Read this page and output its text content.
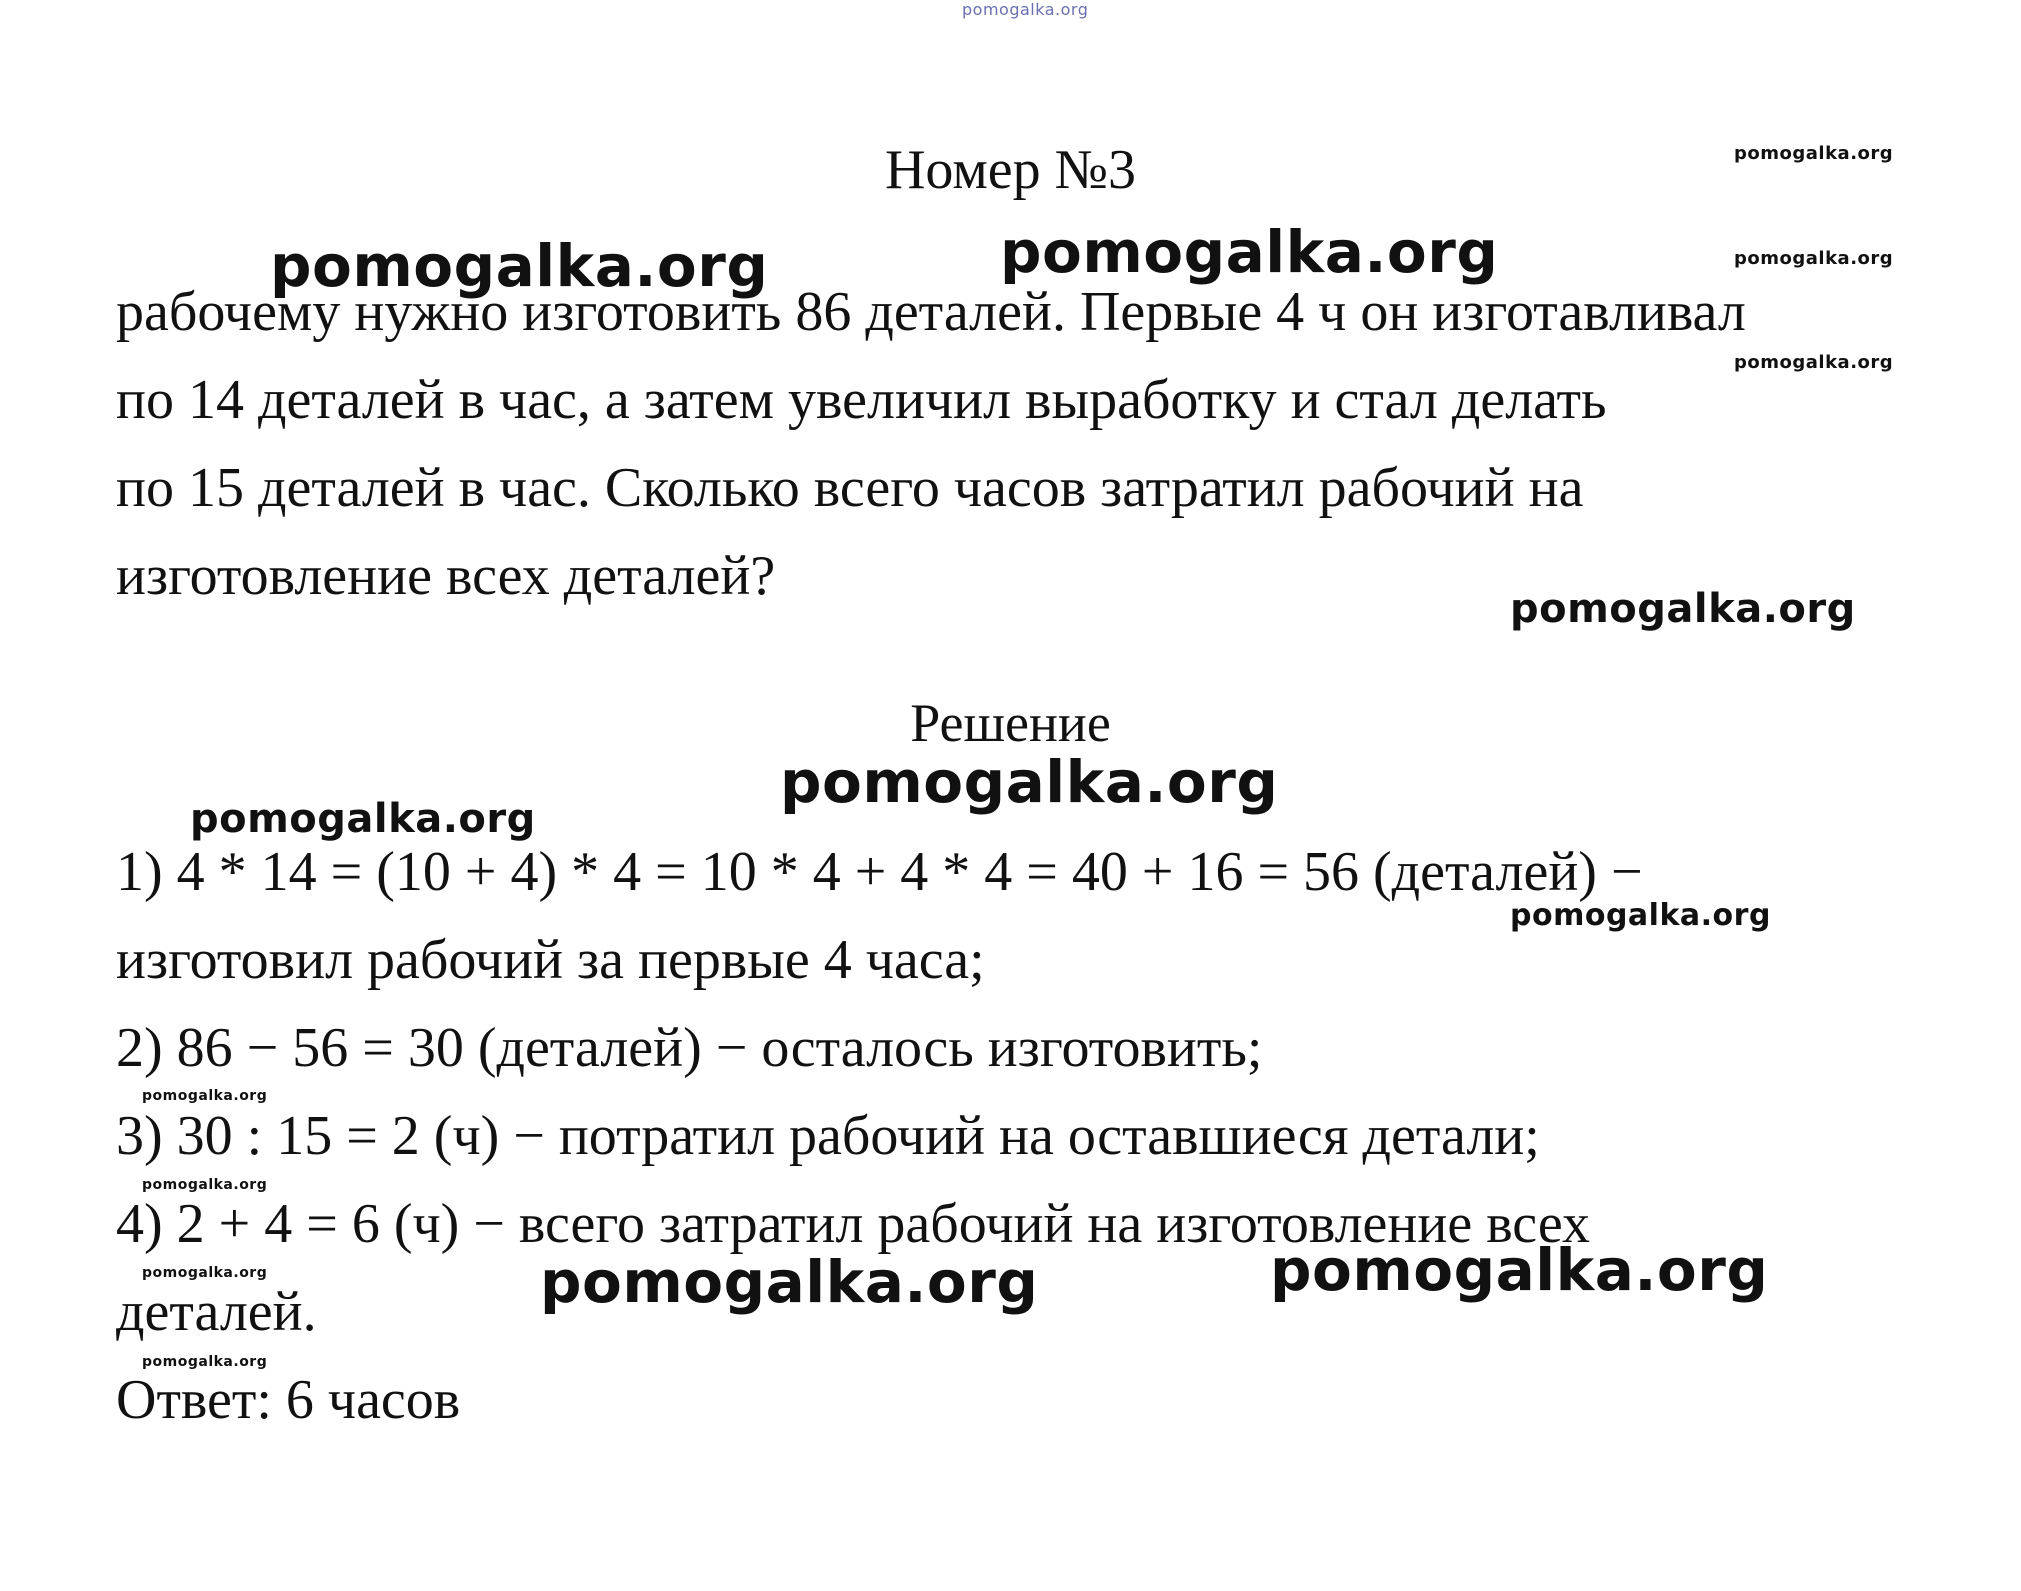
pomogalka.org
Номер №3	pomogalka.org
pomogalka.org
pomogalka.org
рабочему нужно изготовить 86 деталей. Первые 4 ч он изготавливал
по 14 деталей в час, а затем увеличил выработку и стал делать
по 15 деталей в час. Сколько всего часов затратил рабочий на
изготовление всех деталей?
pomogalka.org	pomogalka.org
pomogalka.org
Решение
pomogalka.org
pomogalka.org
1) 4 * 14 = (10 + 4) * 4 = 10 * 4 + 4 * 4 = 40 + 16 = 56 (деталей) −
pomogalka.org
изготовил рабочий за первые 4 часа;
2) 86 − 56 = 30 (деталей) − осталось изготовить;
pomogalka.org
3) 30 : 15 = 2 (ч) − потратил рабочий на оставшиеся детали;
pomogalka.org
4) 2 + 4 = 6 (ч) − всего затратил рабочий на изготовление всех
pomogalka.org	pomogalka.org	pomogalka.org
деталей.
pomogalka.org
Ответ: 6 часов
